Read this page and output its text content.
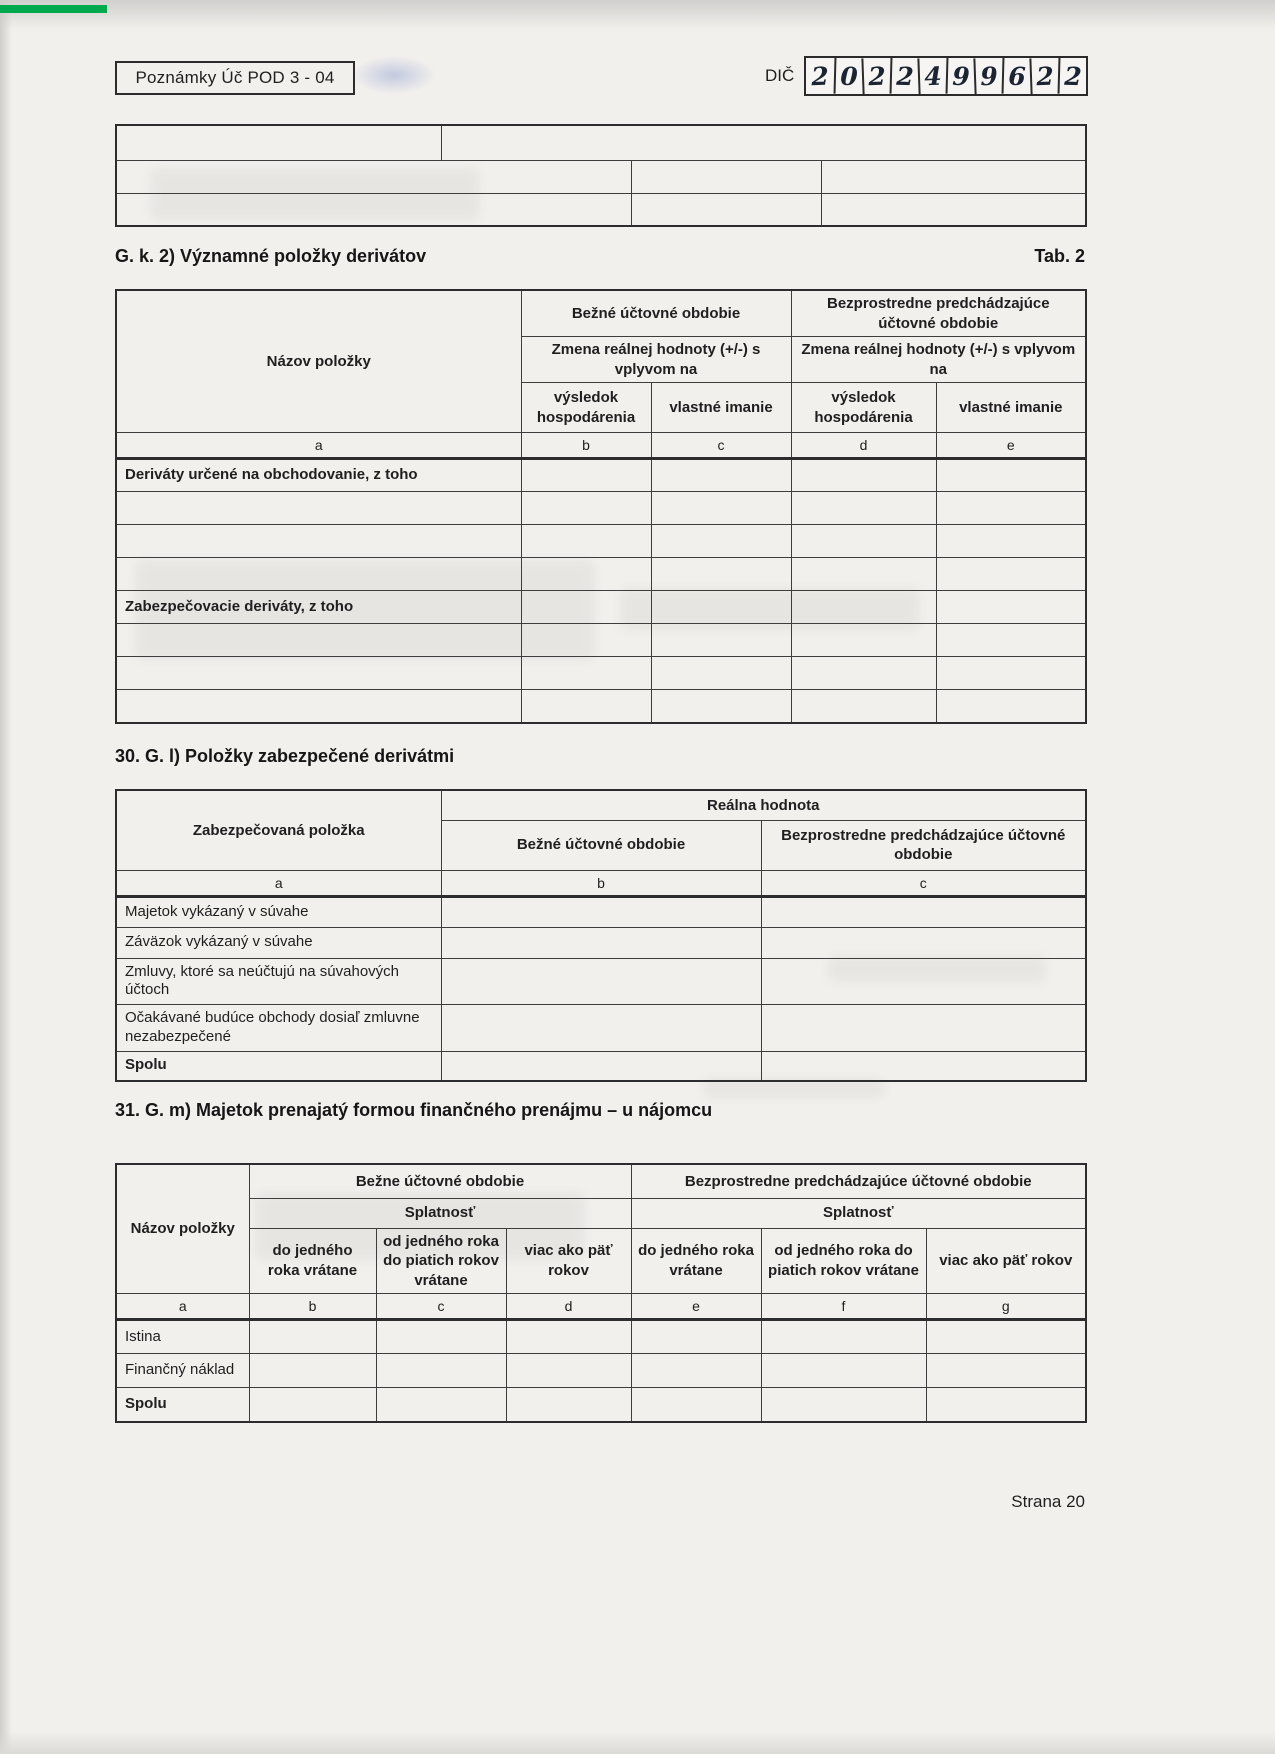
Poznámky Úč POD 3 - 04	DIČ 2 0 2 2 4 9 9 6 2 2

G. k. 2) Významné položky derivátov	Tab. 2
Názov položky	Bežné účtovné obdobie		Bezprostredne predchádzajúce účtovné obdobie	
	Zmena reálnej hodnoty (+/-) s vplyvom na		Zmena reálnej hodnoty (+/-) s vplyvom na	
	výsledok hospodárenia	vlastné imanie	výsledok hospodárenia	vlastné imanie
a	b	c	d	e
Deriváty určené na obchodovanie, z toho				

Zabezpečovacie deriváty, z toho				

30. G. l) Položky zabezpečené derivátmi
Zabezpečovaná položka	Reálna hodnota	
	Bežné účtovné obdobie	Bezprostredne predchádzajúce účtovné obdobie
a	b	c
Majetok vykázaný v súvahe		
Záväzok vykázaný v súvahe		
Zmluvy, ktoré sa neúčtujú na súvahových účtoch		
Očakávané budúce obchody dosiaľ zmluvne nezabezpečené		
Spolu		
31. G. m) Majetok prenajatý formou finančného prenájmu – u nájomcu
Názov položky	Bežne účtovné obdobie			Bezprostredne predchádzajúce účtovné obdobie		
	Splatnosť			Splatnosť		
	do jedného roka vrátane	od jedného roka do piatich rokov vrátane	viac ako päť rokov	do jedného roka vrátane	od jedného roka do piatich rokov vrátane	viac ako päť rokov
a	b	c	d	e	f	g
Istina						
Finančný náklad						
Spolu						
Strana 20
